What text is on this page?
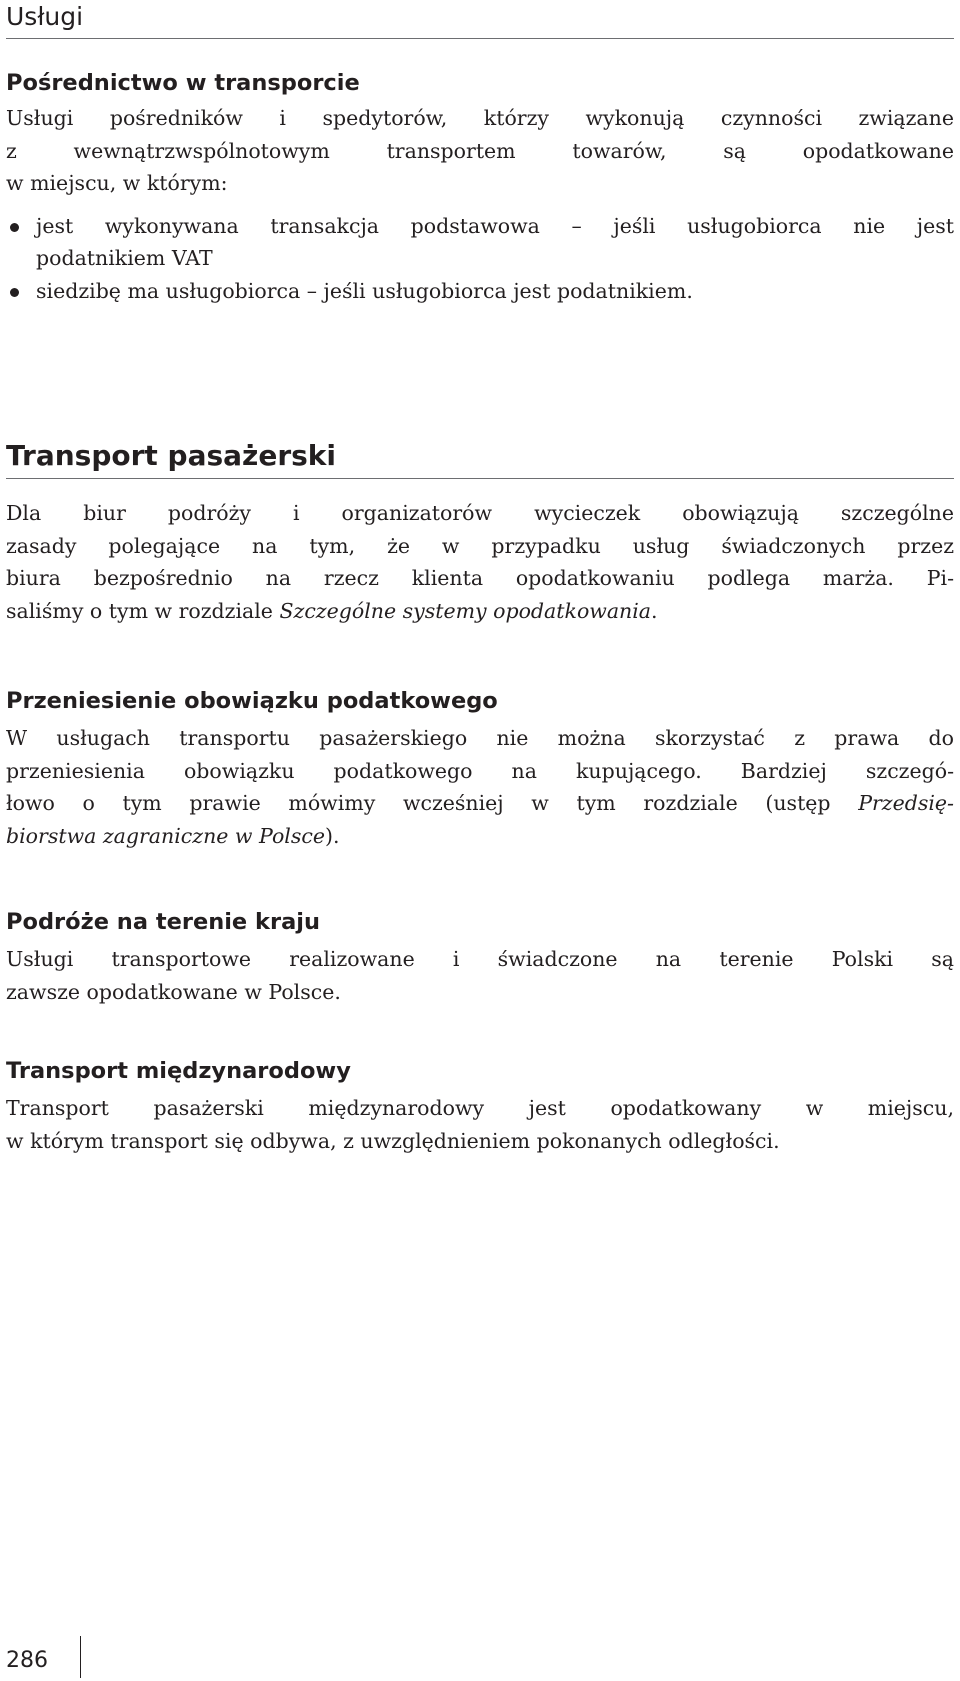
Usługi
Pośrednictwo w transporcie

Usługi pośredników i spedytorów, którzy wykonują czynności związane
z wewnątrzwspólnotowym transportem towarów, są opodatkowane
w miejscu, w którym:

jest wykonywana transakcja podstawowa – jeśli usługobiorca nie jest
podatnikiem VAT
siedzibę ma usługobiorca – jeśli usługobiorca jest podatnikiem.
Transport pasażerski

Dla biur podróży i organizatorów wycieczek obowiązują szczególne
zasady polegające na tym, że w przypadku usług świadczonych przez
biura bezpośrednio na rzecz klienta opodatkowaniu podlega marża. Pi-
saliśmy o tym w rozdziale Szczególne systemy opodatkowania.

Przeniesienie obowiązku podatkowego

W usługach transportu pasażerskiego nie można skorzystać z prawa do
przeniesienia obowiązku podatkowego na kupującego. Bardziej szczegó-
łowo o tym prawie mówimy wcześniej w tym rozdziale (ustęp Przedsię-
biorstwa zagraniczne w Polsce).

Podróże na terenie kraju

Usługi transportowe realizowane i świadczone na terenie Polski są
zawsze opodatkowane w Polsce.

Transport międzynarodowy

Transport pasażerski międzynarodowy jest opodatkowany w miejscu,
w którym transport się odbywa, z uwzględnieniem pokonanych odległości.

286
